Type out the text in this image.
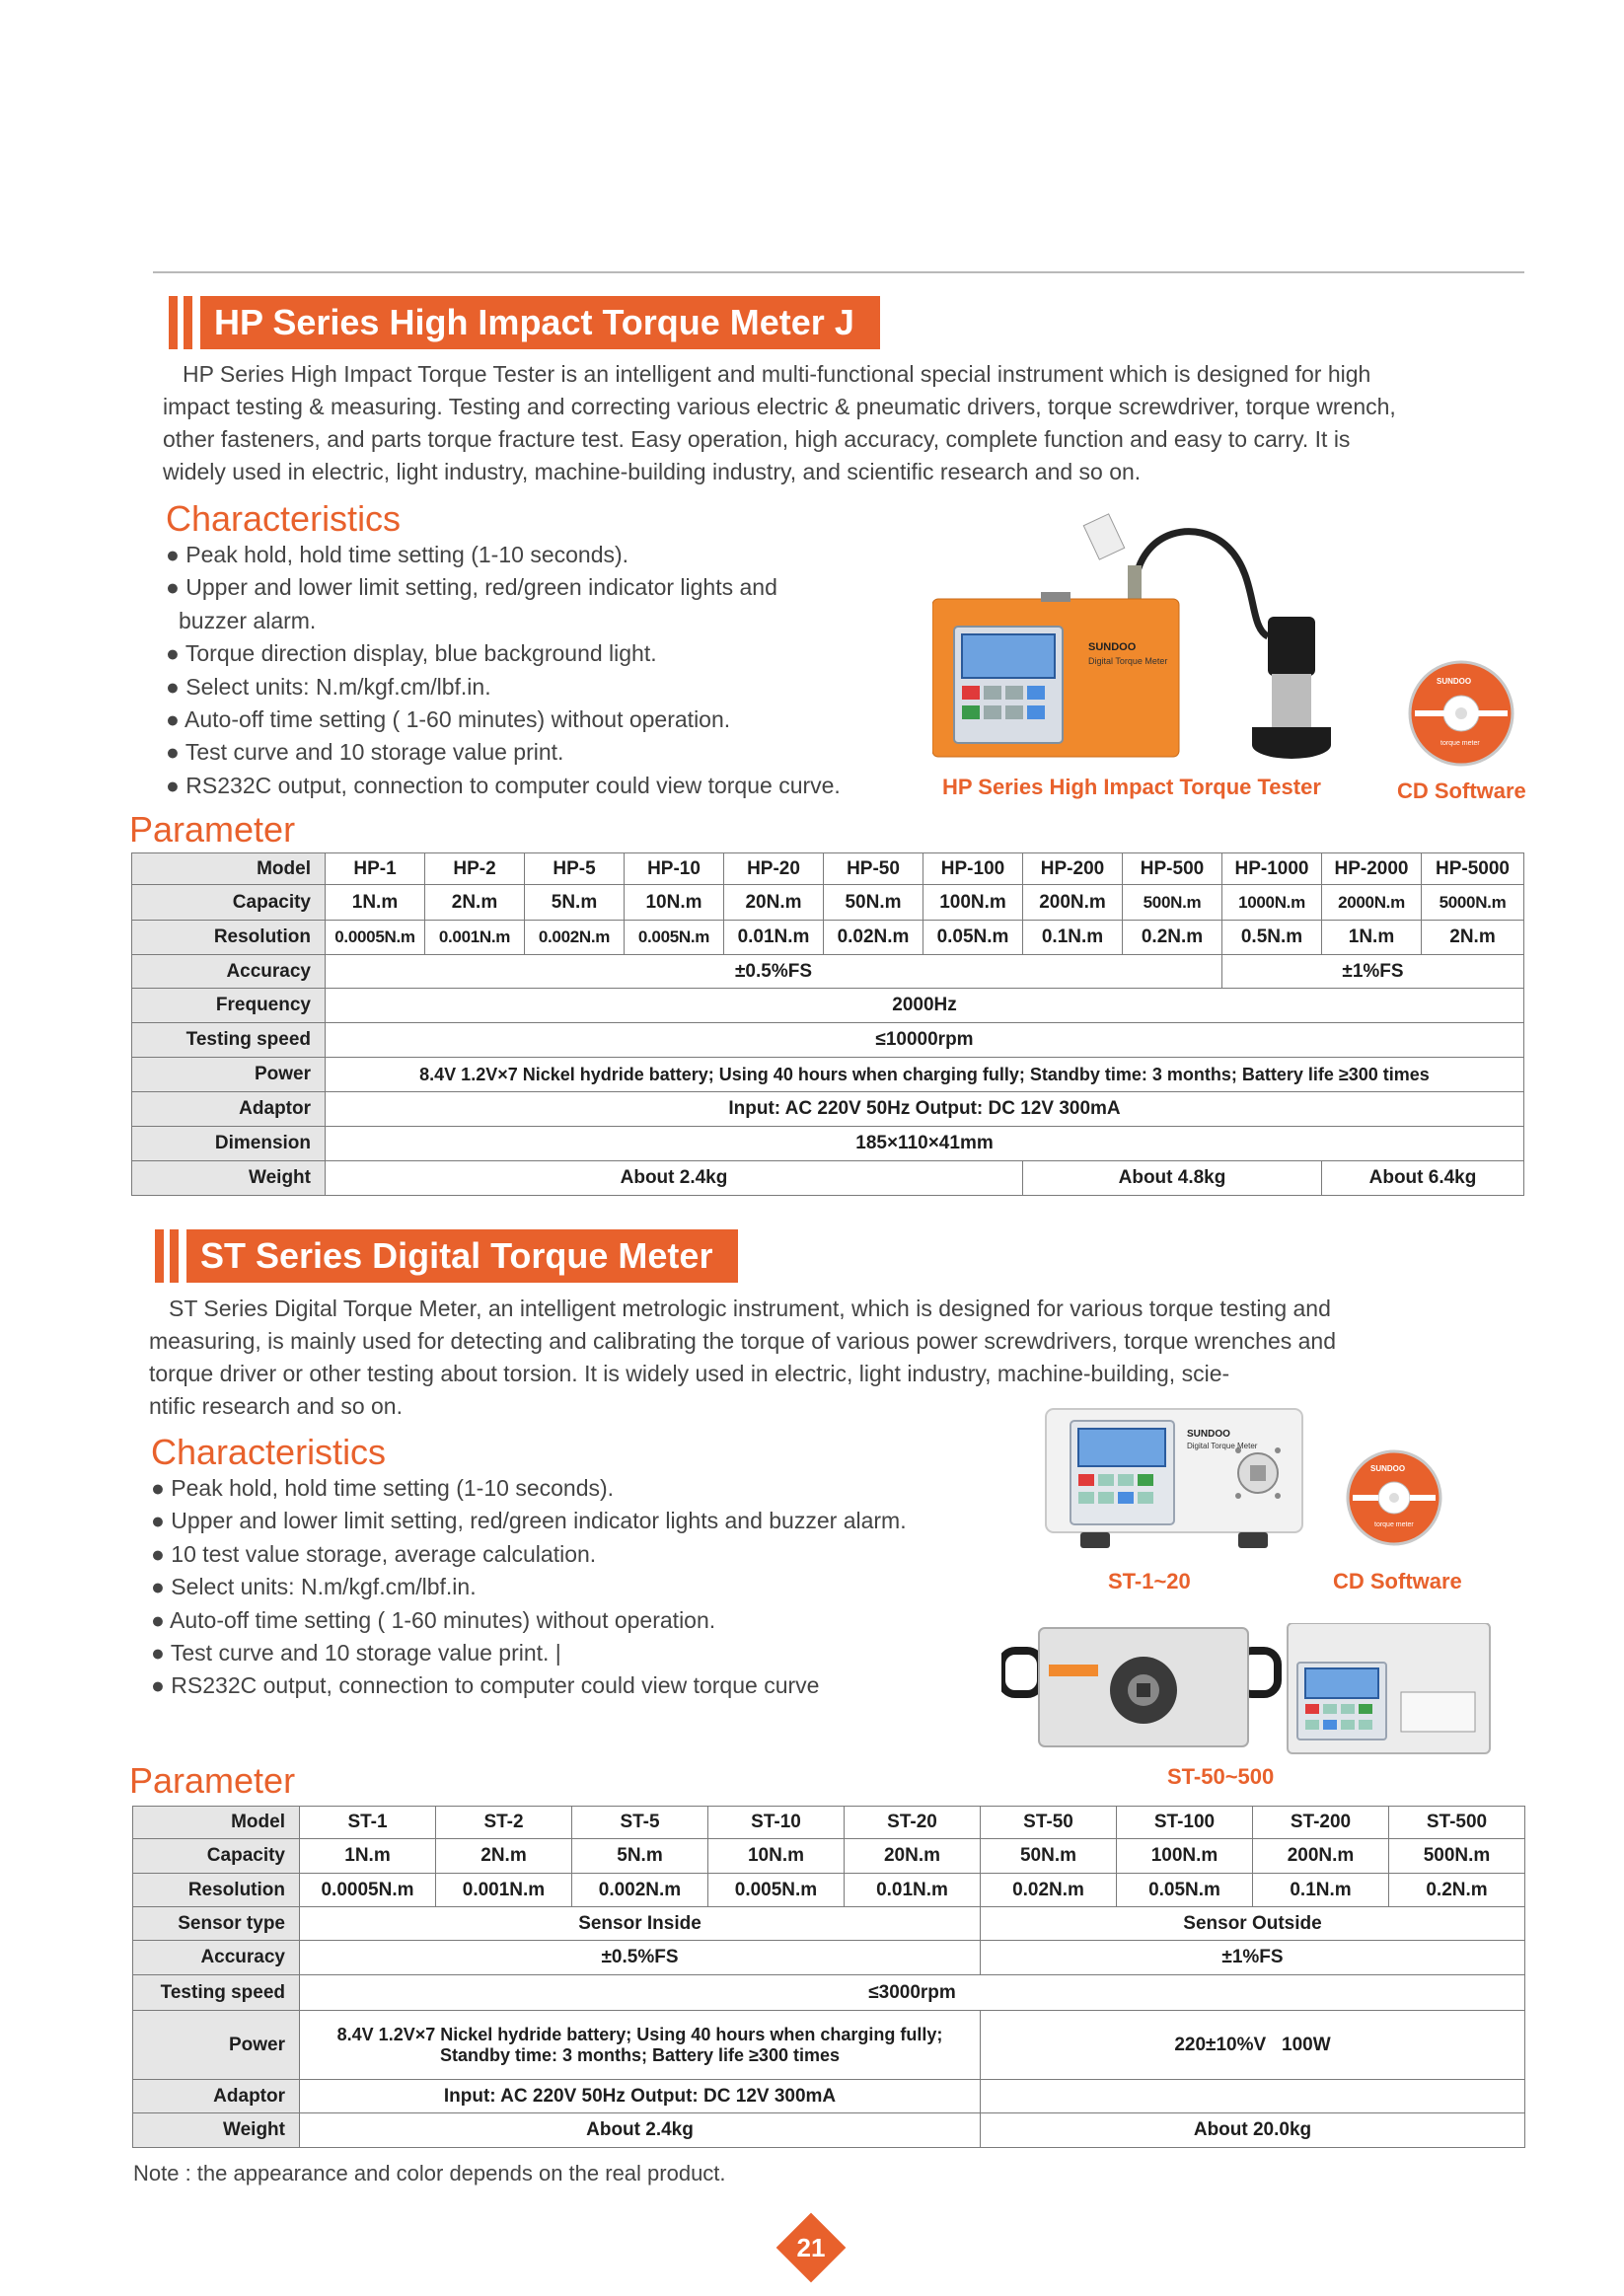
HP Series High Impact Torque Meter J
HP Series High Impact Torque Tester is an intelligent and multi-functional special instrument which is designed for high
impact testing & measuring. Testing and correcting various electric & pneumatic drivers, torque screwdriver, torque wrench,
other fasteners, and parts torque fracture test. Easy operation, high accuracy, complete function and easy to carry. It is
widely used in electric, light industry, machine-building industry, and scientific research and so on.
Characteristics
● Peak hold, hold time setting (1-10 seconds).
● Upper and lower limit setting, red/green indicator lights and
buzzer alarm.
● Torque direction display, blue background light.
● Select units: N.m/kgf.cm/lbf.in.
● Auto-off time setting ( 1-60 minutes) without operation.
● Test curve and 10 storage value print.
● RS232C output, connection to computer could view torque curve.
SUNDOO
Digital Torque Meter
SUNDOO
torque meter
HP Series High Impact Torque Tester	CD Software
Parameter
Model	HP-1	HP-2	HP-5	HP-10	HP-20	HP-50	HP-100	HP-200	HP-500	HP-1000	HP-2000	HP-5000
Capacity	1N.m	2N.m	5N.m	10N.m	20N.m	50N.m	100N.m	200N.m	500N.m	1000N.m	2000N.m	5000N.m
Resolution	0.0005N.m	0.001N.m	0.002N.m	0.005N.m	0.01N.m	0.02N.m	0.05N.m	0.1N.m	0.2N.m	0.5N.m	1N.m	2N.m
Accuracy	±0.5%FS									±1%FS		
Frequency	2000Hz											
Testing speed	≤10000rpm											
Power	8.4V 1.2V×7 Nickel hydride battery; Using 40 hours when charging fully; Standby time: 3 months; Battery life ≥300 times											
Adaptor	Input: AC 220V 50Hz Output: DC 12V 300mA											
Dimension	185×110×41mm											
Weight	About 2.4kg							About 4.8kg			About 6.4kg	
ST Series Digital Torque Meter
ST Series Digital Torque Meter, an intelligent metrologic instrument, which is designed for various torque testing and
measuring, is mainly used for detecting and calibrating the torque of various power screwdrivers, torque wrenches and
torque driver or other testing about torsion. It is widely used in electric, light industry, machine-building, scie-
ntific research and so on.
Characteristics
● Peak hold, hold time setting (1-10 seconds).
● Upper and lower limit setting, red/green indicator lights and buzzer alarm.
● 10 test value storage, average calculation.
● Select units: N.m/kgf.cm/lbf.in.
● Auto-off time setting ( 1-60 minutes) without operation.
● Test curve and 10 storage value print. |
● RS232C output, connection to computer could view torque curve
SUNDOO
Digital Torque Meter
SUNDOO
torque meter
ST-1~20	CD Software
ST-50~500
Parameter
Model	ST-1	ST-2	ST-5	ST-10	ST-20	ST-50	ST-100	ST-200	ST-500
Capacity	1N.m	2N.m	5N.m	10N.m	20N.m	50N.m	100N.m	200N.m	500N.m
Resolution	0.0005N.m	0.001N.m	0.002N.m	0.005N.m	0.01N.m	0.02N.m	0.05N.m	0.1N.m	0.2N.m
Sensor type	Sensor Inside					Sensor Outside			
Accuracy	±0.5%FS					±1%FS			
Testing speed	≤3000rpm								
Power	8.4V 1.2V×7 Nickel hydride battery; Using 40 hours when charging fully;
Standby time: 3 months; Battery life ≥300 times					220±10%V   100W			
Adaptor	Input: AC 220V 50Hz Output: DC 12V 300mA								
Weight	About 2.4kg					About 20.0kg			
Note : the appearance and color depends on the real product.
21
